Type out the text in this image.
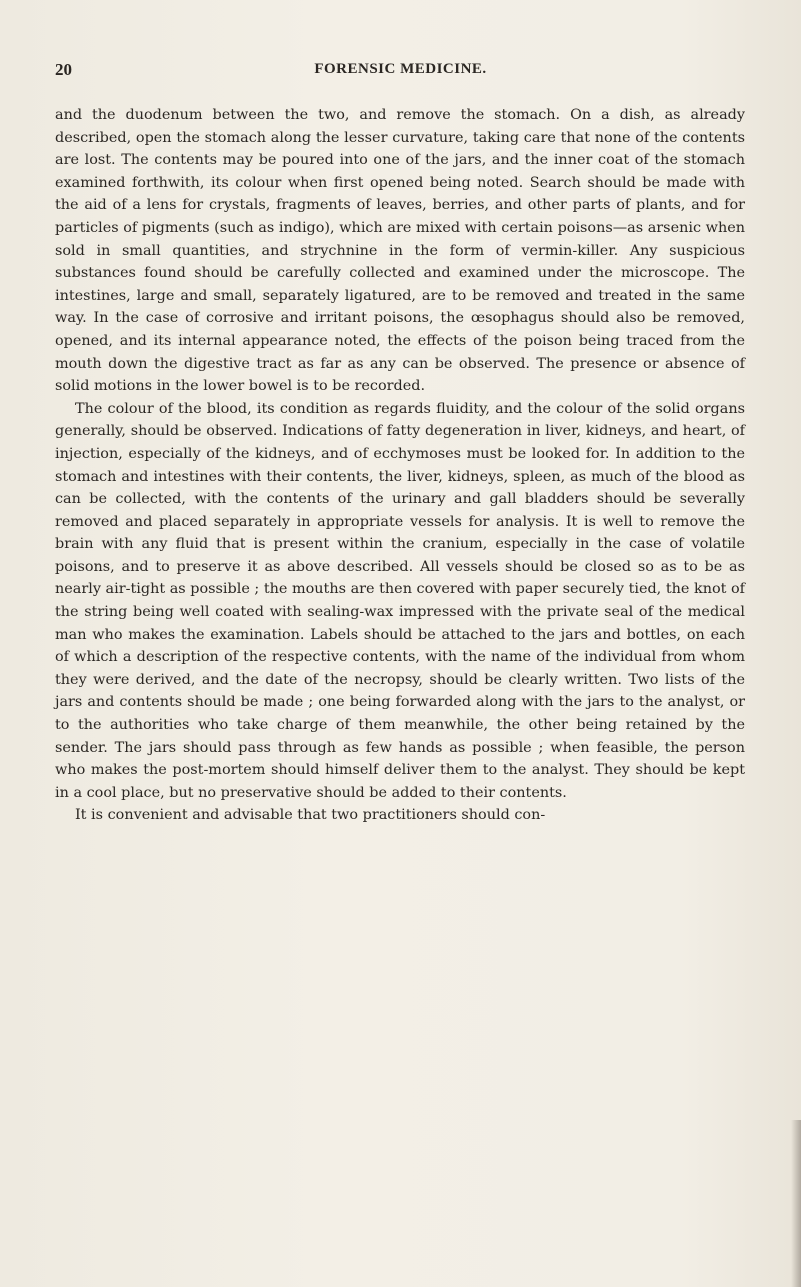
20	FORENSIC MEDICINE.

and the duodenum between the two, and remove the stomach. On a dish, as already described, open the stomach along the lesser curvature, taking care that none of the contents are lost. The contents may be poured into one of the jars, and the inner coat of the stomach examined forthwith, its colour when first opened being noted. Search should be made with the aid of a lens for crystals, fragments of leaves, berries, and other parts of plants, and for particles of pigments (such as indigo), which are mixed with certain poisons—as arsenic when sold in small quantities, and strychnine in the form of vermin-killer. Any suspicious substances found should be carefully collected and examined under the microscope. The intestines, large and small, separately ligatured, are to be removed and treated in the same way. In the case of corrosive and irritant poisons, the œsophagus should also be removed, opened, and its internal appearance noted, the effects of the poison being traced from the mouth down the digestive tract as far as any can be observed. The presence or absence of solid motions in the lower bowel is to be recorded.

The colour of the blood, its condition as regards fluidity, and the colour of the solid organs generally, should be observed. Indications of fatty degeneration in liver, kidneys, and heart, of injection, especially of the kidneys, and of ecchymoses must be looked for. In addition to the stomach and intestines with their contents, the liver, kidneys, spleen, as much of the blood as can be collected, with the contents of the urinary and gall bladders should be severally removed and placed separately in appropriate vessels for analysis. It is well to remove the brain with any fluid that is present within the cranium, especially in the case of volatile poisons, and to preserve it as above described. All vessels should be closed so as to be as nearly air-tight as possible ; the mouths are then covered with paper securely tied, the knot of the string being well coated with sealing-wax impressed with the private seal of the medical man who makes the examination. Labels should be attached to the jars and bottles, on each of which a description of the respective contents, with the name of the individual from whom they were derived, and the date of the necropsy, should be clearly written. Two lists of the jars and contents should be made ; one being forwarded along with the jars to the analyst, or to the authorities who take charge of them meanwhile, the other being retained by the sender. The jars should pass through as few hands as possible ; when feasible, the person who makes the post-mortem should himself deliver them to the analyst. They should be kept in a cool place, but no preservative should be added to their contents.

It is convenient and advisable that two practitioners should con-
